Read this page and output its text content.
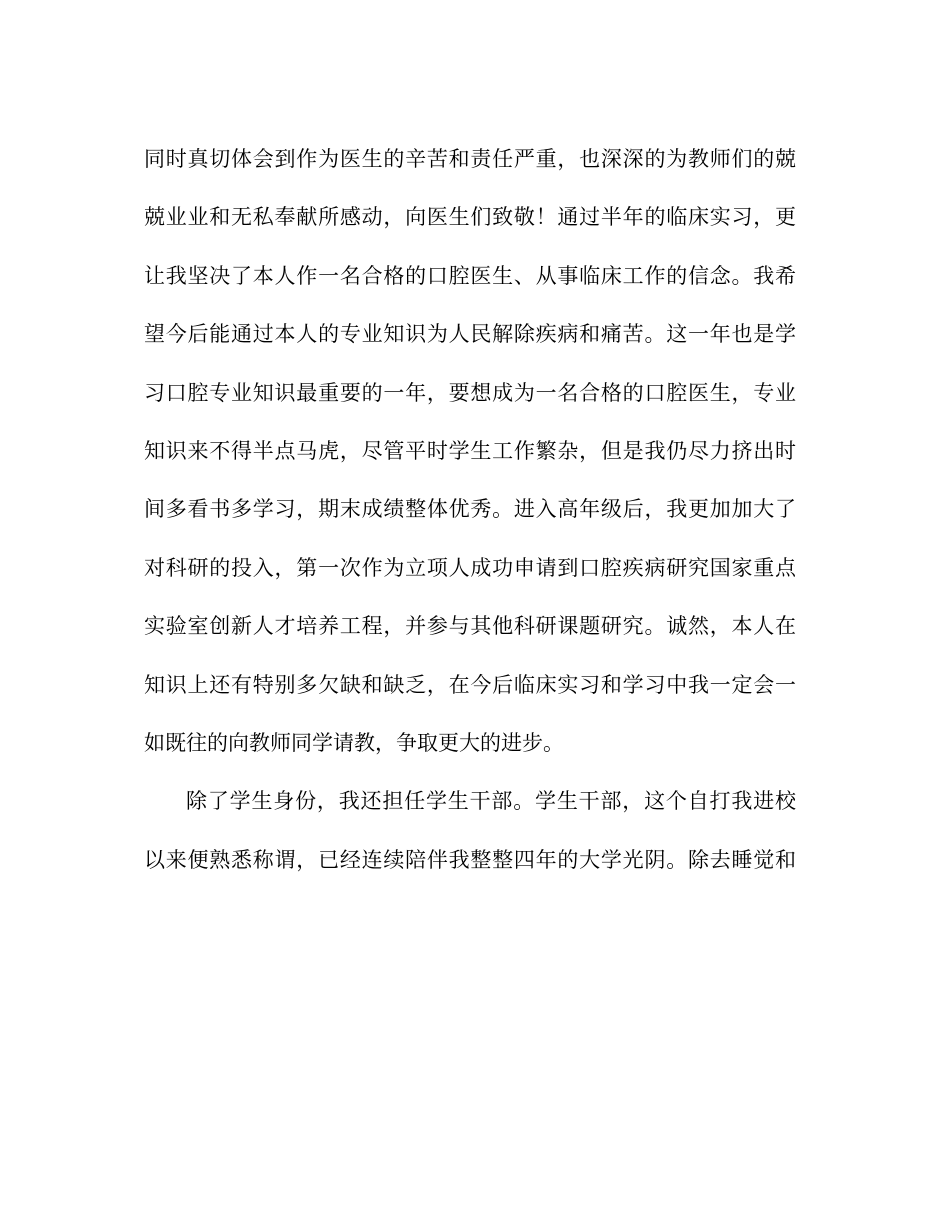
同时真切体会到作为医生的辛苦和责任严重，也深深的为教师们的兢
兢业业和无私奉献所感动，向医生们致敬！通过半年的临床实习，更
让我坚决了本人作一名合格的口腔医生、从事临床工作的信念。我希
望今后能通过本人的专业知识为人民解除疾病和痛苦。这一年也是学
习口腔专业知识最重要的一年，要想成为一名合格的口腔医生，专业
知识来不得半点马虎，尽管平时学生工作繁杂，但是我仍尽力挤出时
间多看书多学习，期末成绩整体优秀。进入高年级后，我更加加大了
对科研的投入，第一次作为立项人成功申请到口腔疾病研究国家重点
实验室创新人才培养工程，并参与其他科研课题研究。诚然，本人在
知识上还有特别多欠缺和缺乏，在今后临床实习和学习中我一定会一
如既往的向教师同学请教，争取更大的进步。
除了学生身份，我还担任学生干部。学生干部，这个自打我进校
以来便熟悉称谓，已经连续陪伴我整整四年的大学光阴。除去睡觉和
